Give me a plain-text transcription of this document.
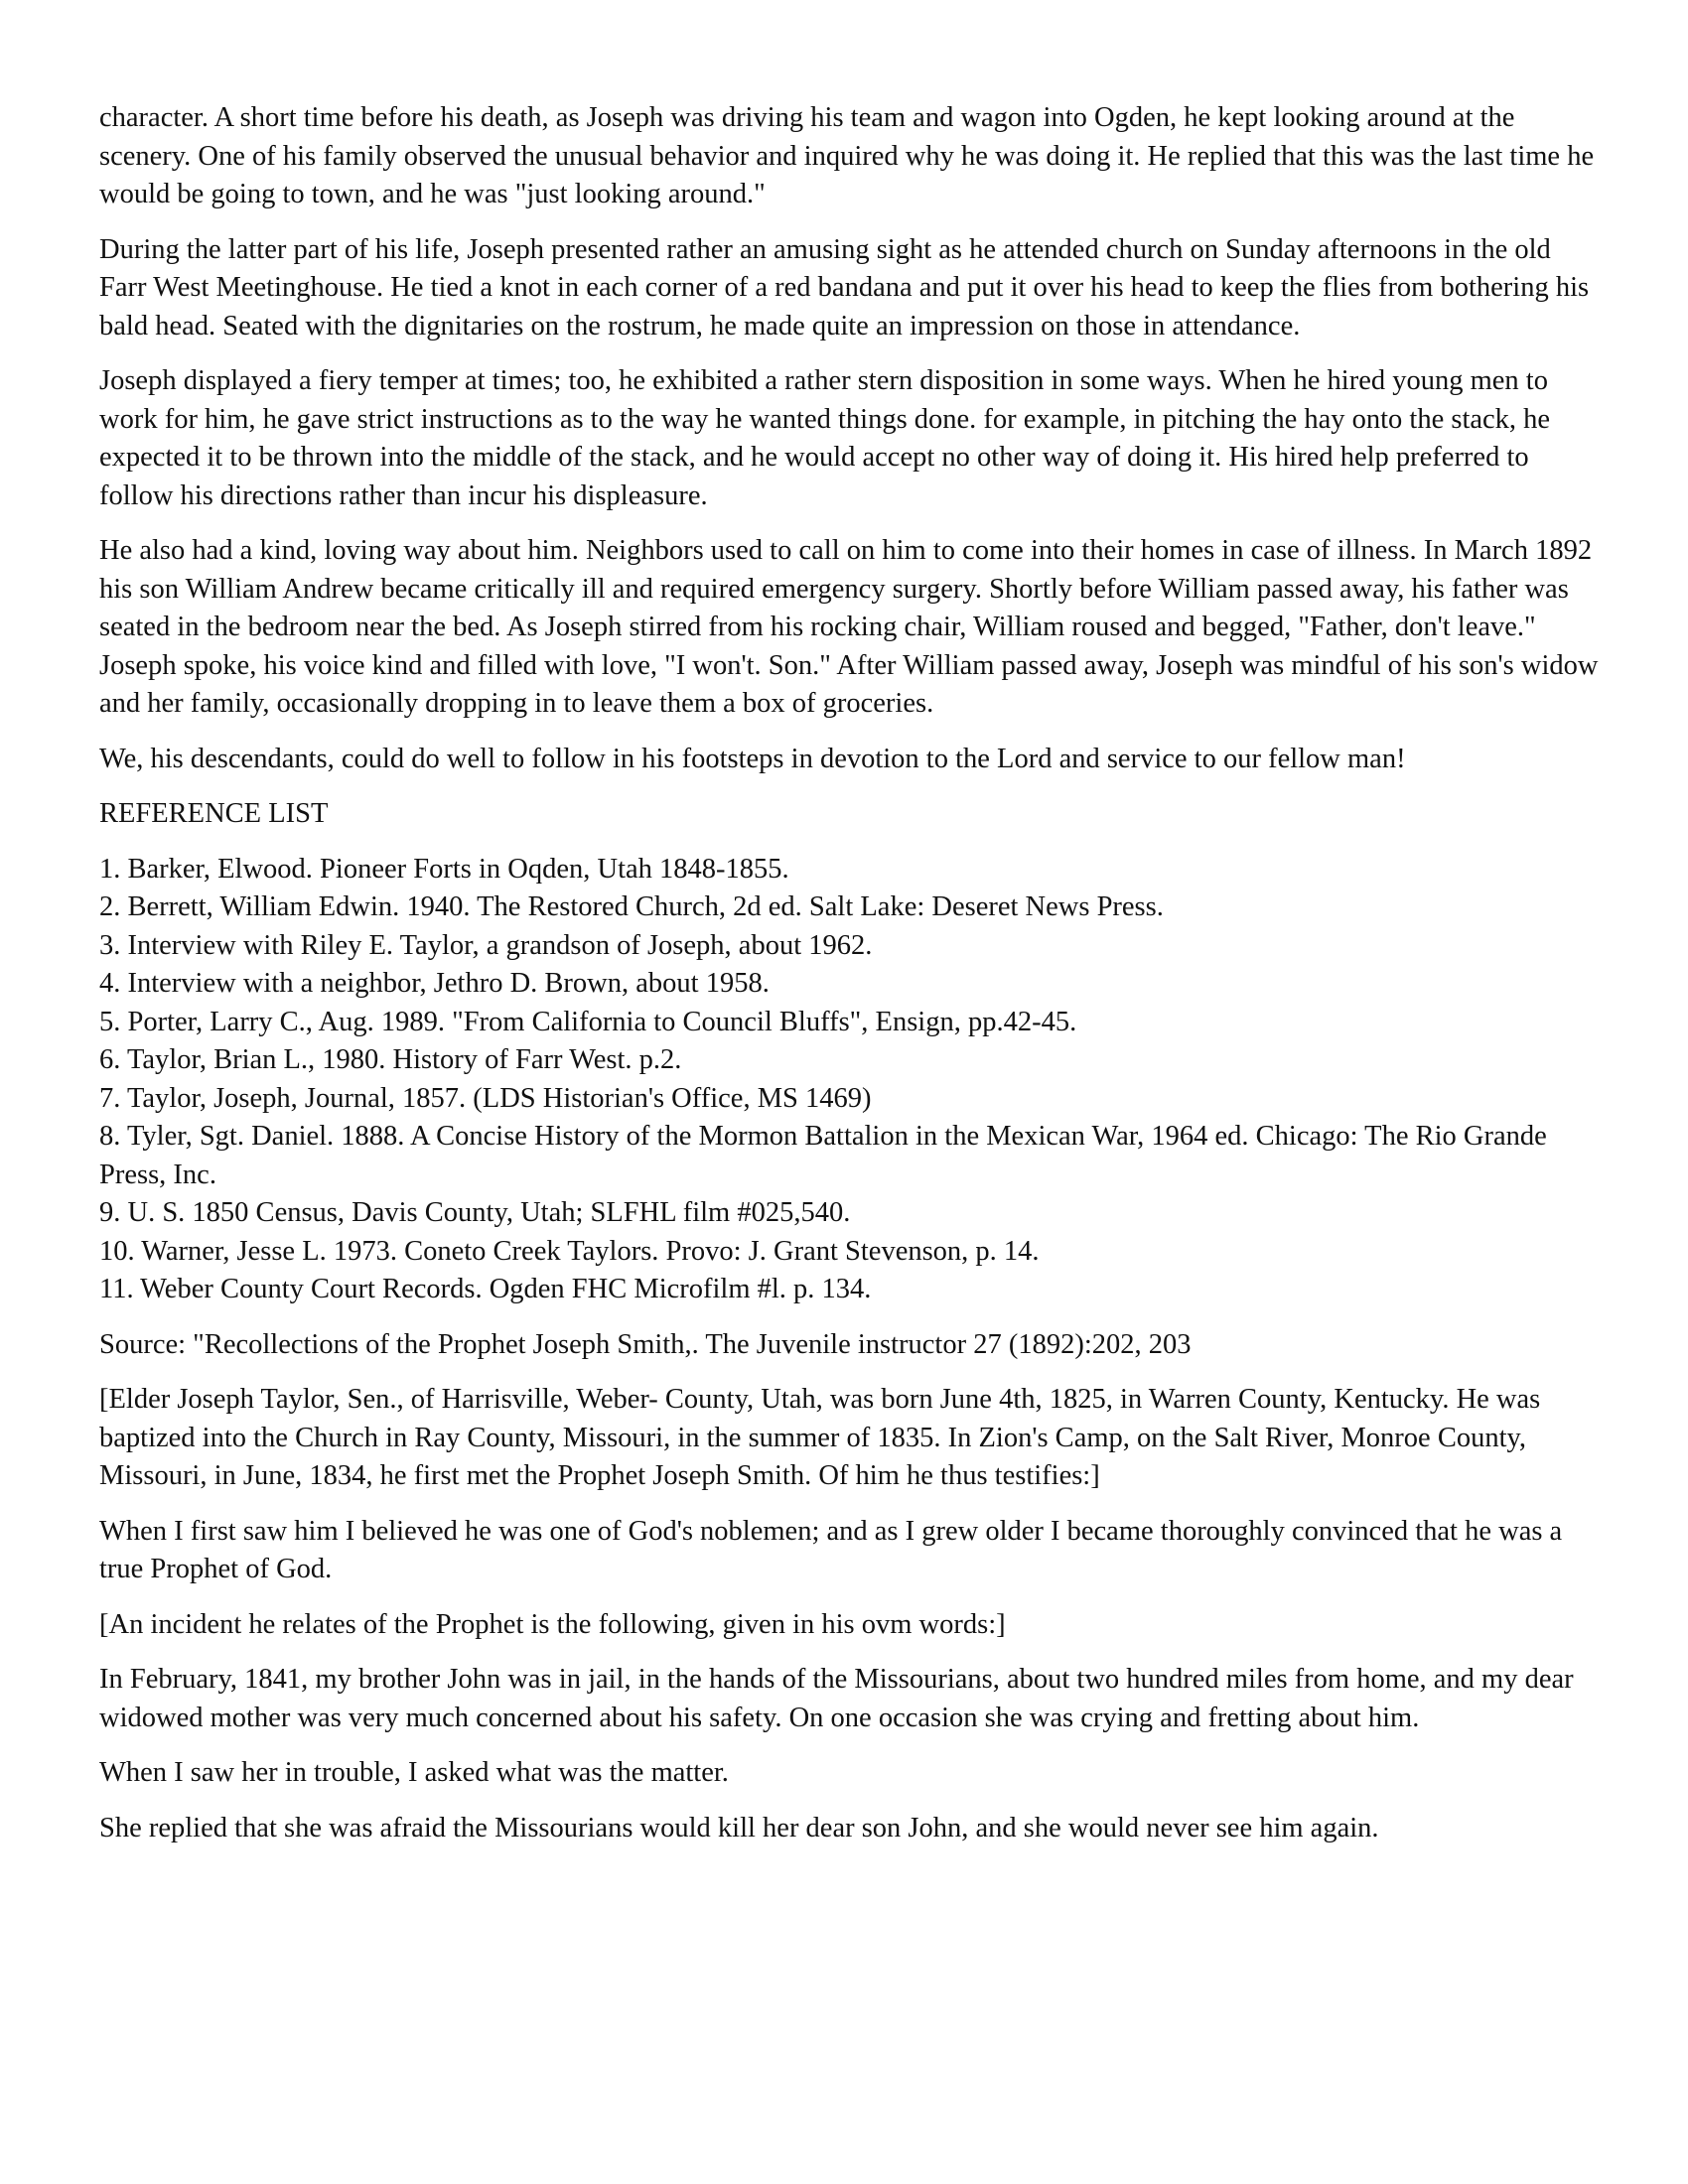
character. A short time before his death, as Joseph was driving his team and wagon into Ogden, he kept looking around at the scenery. One of his family observed the unusual behavior and inquired why he was doing it. He replied that this was the last time he would be going to town, and he was "just looking around."

During the latter part of his life, Joseph presented rather an amusing sight as he attended church on Sunday afternoons in the old Farr West Meetinghouse. He tied a knot in each corner of a red bandana and put it over his head to keep the flies from bothering his bald head. Seated with the dignitaries on the rostrum, he made quite an impression on those in attendance.

Joseph displayed a fiery temper at times; too, he exhibited a rather stern disposition in some ways. When he hired young men to work for him, he gave strict instructions as to the way he wanted things done. for example, in pitching the hay onto the stack, he expected it to be thrown into the middle of the stack, and he would accept no other way of doing it. His hired help preferred to follow his directions rather than incur his displeasure.

He also had a kind, loving way about him. Neighbors used to call on him to come into their homes in case of illness. In March 1892 his son William Andrew became critically ill and required emergency surgery. Shortly before William passed away, his father was seated in the bedroom near the bed. As Joseph stirred from his rocking chair, William roused and begged, "Father, don't leave." Joseph spoke, his voice kind and filled with love, "I won't. Son." After William passed away, Joseph was mindful of his son's widow and her family, occasionally dropping in to leave them a box of groceries.

We, his descendants, could do well to follow in his footsteps in devotion to the Lord and service to our fellow man!

REFERENCE LIST

1. Barker, Elwood. Pioneer Forts in Oqden, Utah 1848-1855.
2. Berrett, William Edwin. 1940. The Restored Church, 2d ed. Salt Lake: Deseret News Press.
3. Interview with Riley E. Taylor, a grandson of Joseph, about 1962.
4. Interview with a neighbor, Jethro D. Brown, about 1958.
5. Porter, Larry C., Aug. 1989. "From California to Council Bluffs", Ensign, pp.42-45.
6. Taylor, Brian L., 1980. History of Farr West. p.2.
7. Taylor, Joseph, Journal, 1857. (LDS Historian's Office, MS 1469)
8. Tyler, Sgt. Daniel. 1888. A Concise History of the Mormon Battalion in the Mexican War, 1964 ed. Chicago: The Rio Grande Press, Inc.
9. U. S. 1850 Census, Davis County, Utah; SLFHL film #025,540.
10. Warner, Jesse L. 1973. Coneto Creek Taylors. Provo: J. Grant Stevenson, p. 14.
11. Weber County Court Records. Ogden FHC Microfilm #l. p. 134.

Source: "Recollections of the Prophet Joseph Smith,. The Juvenile instructor 27 (1892):202, 203

[Elder Joseph Taylor, Sen., of Harrisville, Weber- County, Utah, was born June 4th, 1825, in Warren County, Kentucky. He was baptized into the Church in Ray County, Missouri, in the summer of 1835. In Zion's Camp, on the Salt River, Monroe County, Missouri, in June, 1834, he first met the Prophet Joseph Smith. Of him he thus testifies:]

When I first saw him I believed he was one of God's noblemen; and as I grew older I became thoroughly convinced that he was a true Prophet of God.

[An incident he relates of the Prophet is the following, given in his ovm words:]

In February, 1841, my brother John was in jail, in the hands of the Missourians, about two hundred miles from home, and my dear widowed mother was very much concerned about his safety. On one occasion she was crying and fretting about him.

When I saw her in trouble, I asked what was the matter.

She replied that she was afraid the Missourians would kill her dear son John, and she would never see him again.
